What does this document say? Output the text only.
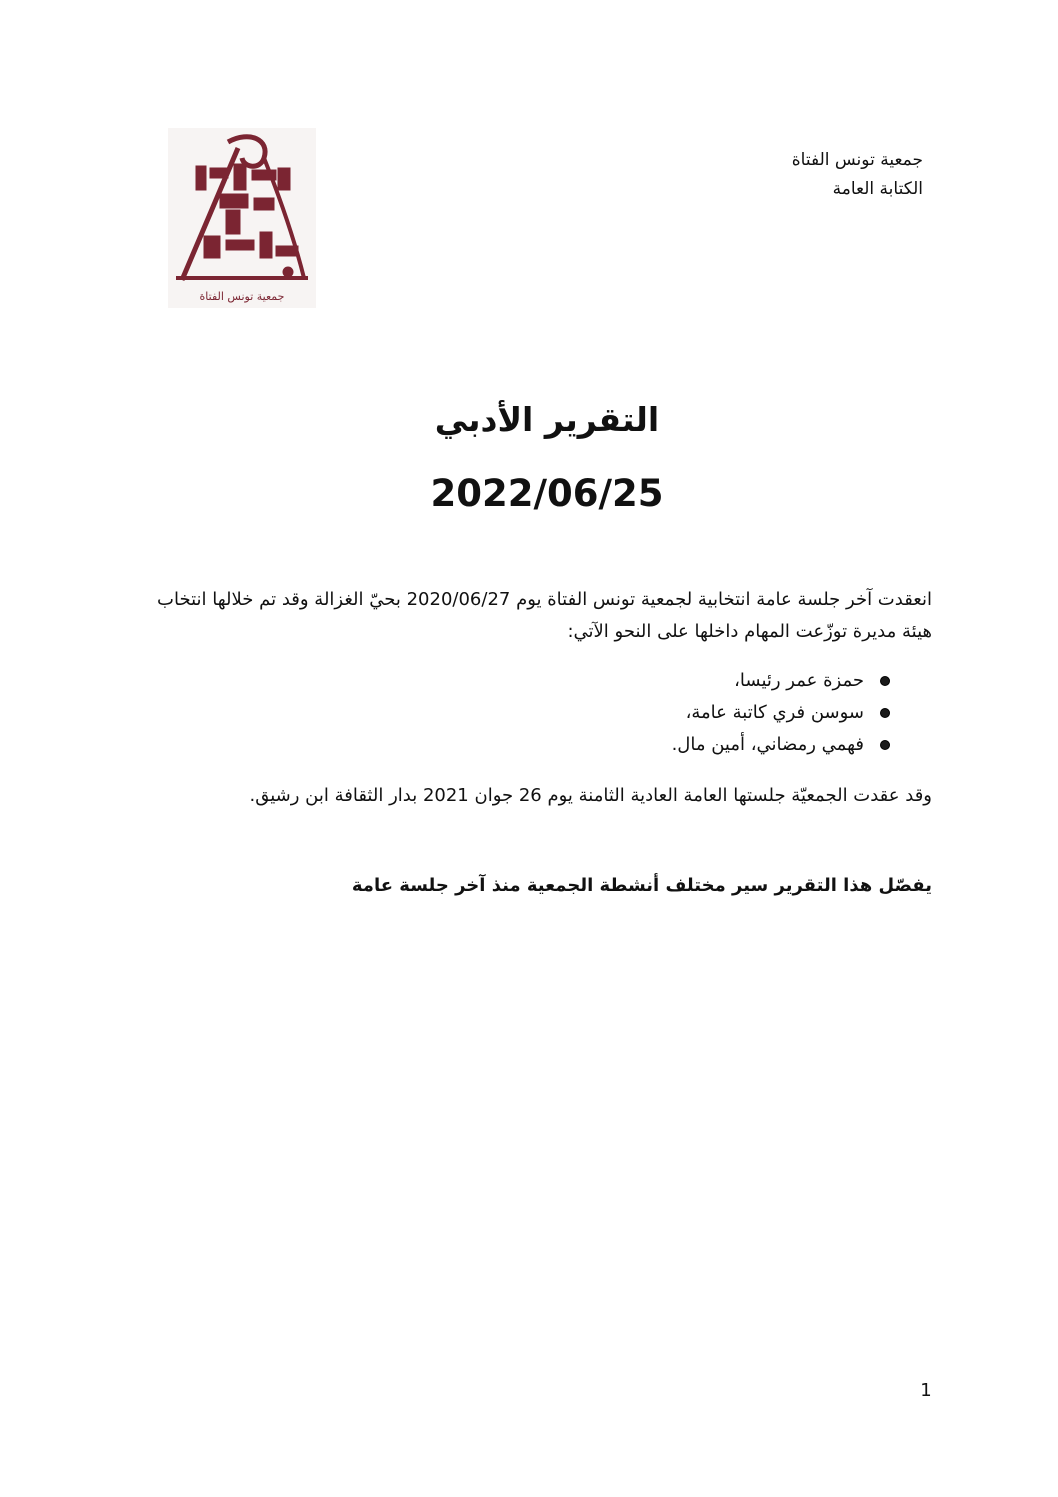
جمعية تونس الفتاة
الكتابة العامة
جمعية تونس الفتاة
التقرير الأدبي
2022/06/25
انعقدت آخر جلسة عامة انتخابية لجمعية تونس الفتاة يوم 2020/06/27 بحيّ الغزالة وقد تم خلالها انتخاب هيئة مديرة توزّعت المهام داخلها على النحو الآتي:
حمزة عمر رئيسا،
سوسن فري كاتبة عامة،
فهمي رمضاني، أمين مال.
وقد عقدت الجمعيّة جلستها العامة العادية الثامنة يوم 26 جوان 2021 بدار الثقافة ابن رشيق.
يفصّل هذا التقرير سير مختلف أنشطة الجمعية منذ آخر جلسة عامة
1
